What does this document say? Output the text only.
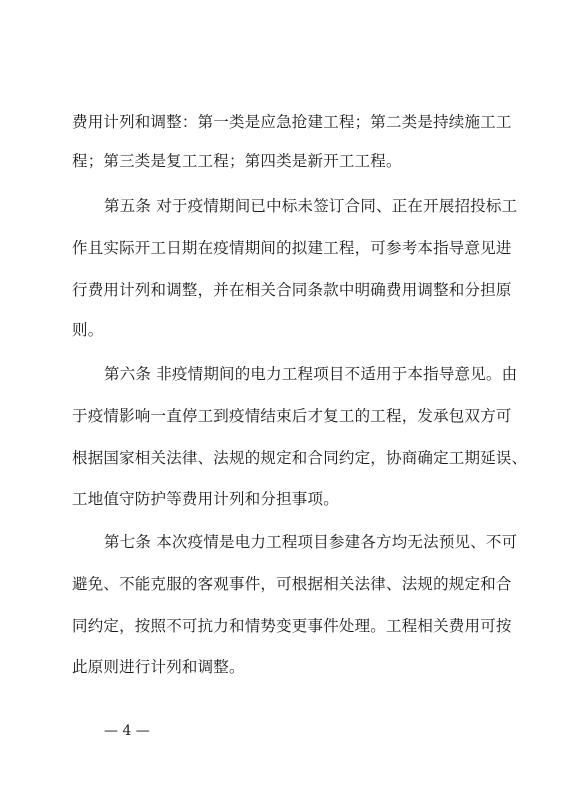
费用计列和调整：第一类是应急抢建工程；第二类是持续施工工

程；第三类是复工工程；第四类是新开工工程。

第五条 对于疫情期间已中标未签订合同、正在开展招投标工

作且实际开工日期在疫情期间的拟建工程，可参考本指导意见进

行费用计列和调整，并在相关合同条款中明确费用调整和分担原

则。

第六条 非疫情期间的电力工程项目不适用于本指导意见。由

于疫情影响一直停工到疫情结束后才复工的工程，发承包双方可

根据国家相关法律、法规的规定和合同约定，协商确定工期延误、

工地值守防护等费用计列和分担事项。

第七条 本次疫情是电力工程项目参建各方均无法预见、不可

避免、不能克服的客观事件，可根据相关法律、法规的规定和合

同约定，按照不可抗力和情势变更事件处理。工程相关费用可按

此原则进行计列和调整。

— 4 —
